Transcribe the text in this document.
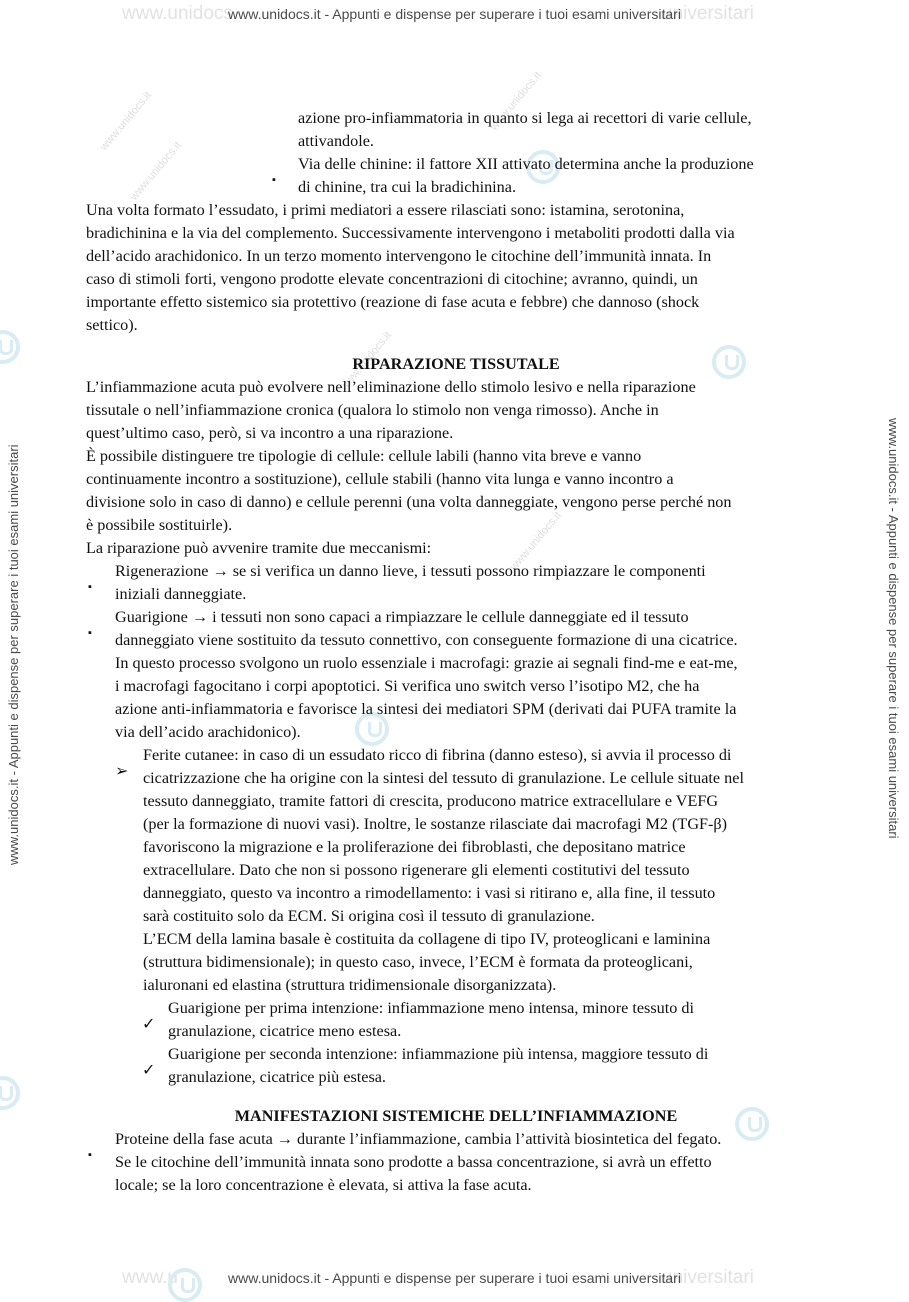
www.unidocs	universitari
www.u	universitari
www.unidocs.it - Appunti e dispense per superare i tuoi esami universitari
www.unidocs.it - Appunti e dispense per superare i tuoi esami universitari
www.unidocs.it - Appunti e dispense per superare i tuoi esami universitari	www.unidocs.it - Appunti e dispense per superare i tuoi esami universitari
www.unidocs.it
www.unidocs.it
www.unidocs.it
www.unidocs.it
www.unidocs.it	azione pro-infiammatoria in quanto si lega ai recettori di varie cellule,
attivandole.
▪
Via delle chinine: il fattore XII attivato determina anche la produzione
di chinine, tra cui la bradichinina.
Una volta formato l’essudato, i primi mediatori a essere rilasciati sono: istamina, serotonina,
bradichinina e la via del complemento. Successivamente intervengono i metaboliti prodotti dalla via
dell’acido arachidonico. In un terzo momento intervengono le citochine dell’immunità innata. In
caso di stimoli forti, vengono prodotte elevate concentrazioni di citochine; avranno, quindi, un
importante effetto sistemico sia protettivo (reazione di fase acuta e febbre) che dannoso (shock
settico).
RIPARAZIONE TISSUTALE
L’infiammazione acuta può evolvere nell’eliminazione dello stimolo lesivo e nella riparazione
tissutale o nell’infiammazione cronica (qualora lo stimolo non venga rimosso). Anche in
quest’ultimo caso, però, si va incontro a una riparazione.
È possibile distinguere tre tipologie di cellule: cellule labili (hanno vita breve e vanno
continuamente incontro a sostituzione), cellule stabili (hanno vita lunga e vanno incontro a
divisione solo in caso di danno) e cellule perenni (una volta danneggiate, vengono perse perché non
è possibile sostituirle).
La riparazione può avvenire tramite due meccanismi:
▪
Rigenerazione → se si verifica un danno lieve, i tessuti possono rimpiazzare le componenti
iniziali danneggiate.
▪
Guarigione → i tessuti non sono capaci a rimpiazzare le cellule danneggiate ed il tessuto
danneggiato viene sostituito da tessuto connettivo, con conseguente formazione di una cicatrice.
In questo processo svolgono un ruolo essenziale i macrofagi: grazie ai segnali find-me e eat-me,
i macrofagi fagocitano i corpi apoptotici. Si verifica uno switch verso l’isotipo M2, che ha
azione anti-infiammatoria e favorisce la sintesi dei mediatori SPM (derivati dai PUFA tramite la
via dell’acido arachidonico).
➢
Ferite cutanee: in caso di un essudato ricco di fibrina (danno esteso), si avvia il processo di
cicatrizzazione che ha origine con la sintesi del tessuto di granulazione. Le cellule situate nel
tessuto danneggiato, tramite fattori di crescita, producono matrice extracellulare e VEFG
(per la formazione di nuovi vasi). Inoltre, le sostanze rilasciate dai macrofagi M2 (TGF-β)
favoriscono la migrazione e la proliferazione dei fibroblasti, che depositano matrice
extracellulare. Dato che non si possono rigenerare gli elementi costitutivi del tessuto
danneggiato, questo va incontro a rimodellamento: i vasi si ritirano e, alla fine, il tessuto
sarà costituito solo da ECM. Si origina così il tessuto di granulazione.
L’ECM della lamina basale è costituita da collagene di tipo IV, proteoglicani e laminina
(struttura bidimensionale); in questo caso, invece, l’ECM è formata da proteoglicani,
ialuronani ed elastina (struttura tridimensionale disorganizzata).
✓
Guarigione per prima intenzione: infiammazione meno intensa, minore tessuto di
granulazione, cicatrice meno estesa.
✓
Guarigione per seconda intenzione: infiammazione più intensa, maggiore tessuto di
granulazione, cicatrice più estesa.
MANIFESTAZIONI SISTEMICHE DELL’INFIAMMAZIONE
▪
Proteine della fase acuta → durante l’infiammazione, cambia l’attività biosintetica del fegato.
Se le citochine dell’immunità innata sono prodotte a bassa concentrazione, si avrà un effetto
locale; se la loro concentrazione è elevata, si attiva la fase acuta.
